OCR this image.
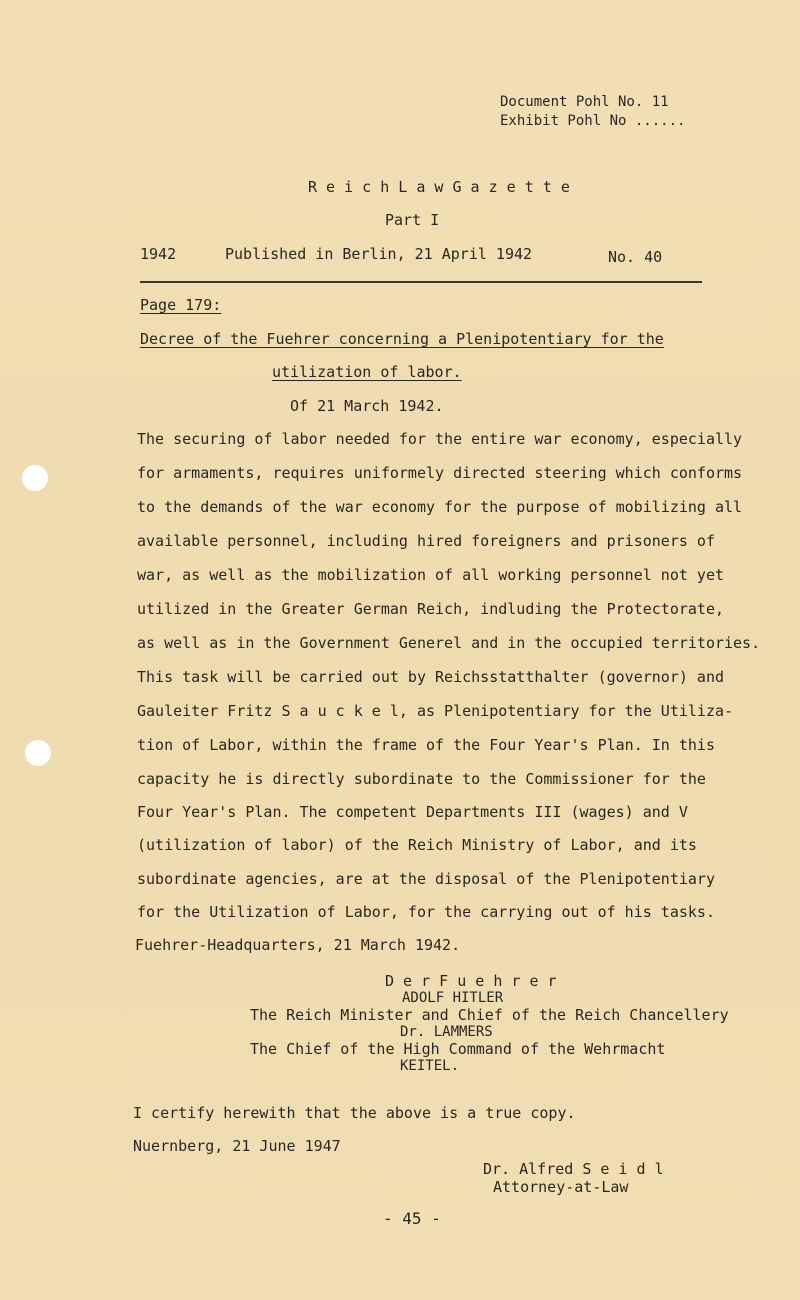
Document Pohl No. 11
Exhibit Pohl No ......
R e i c h L a w G a z e t t e
Part I
1942	Published in Berlin, 21 April 1942	No. 40
Page 179:
Decree of the Fuehrer concerning a Plenipotentiary for the
utilization of labor.
Of 21 March 1942.
The securing of labor needed for the entire war economy, especially
for armaments, requires uniformely directed steering which conforms
to the demands of the war economy for the purpose of mobilizing all
available personnel, including hired foreigners and prisoners of
war, as well as the mobilization of all working personnel not yet
utilized in the Greater German Reich, indluding the Protectorate,
as well as in the Government Generel and in the occupied territories.
This task will be carried out by Reichsstatthalter (governor) and
Gauleiter Fritz S a u c k e l, as Plenipotentiary for the Utiliza-
tion of Labor, within the frame of the Four Year's Plan. In this
capacity he is directly subordinate to the Commissioner for the
Four Year's Plan. The competent Departments III (wages) and V
(utilization of labor) of the Reich Ministry of Labor, and its
subordinate agencies, are at the disposal of the Plenipotentiary
for the Utilization of Labor, for the carrying out of his tasks.
Fuehrer-Headquarters, 21 March 1942.
D e r F u e h r e r
ADOLF HITLER
The Reich Minister and Chief of the Reich Chancellery
Dr. LAMMERS
The Chief of the High Command of the Wehrmacht
KEITEL.
I certify herewith that the above is a true copy.
Nuernberg, 21 June 1947
Dr. Alfred S e i d l
Attorney-at-Law
- 45 -
